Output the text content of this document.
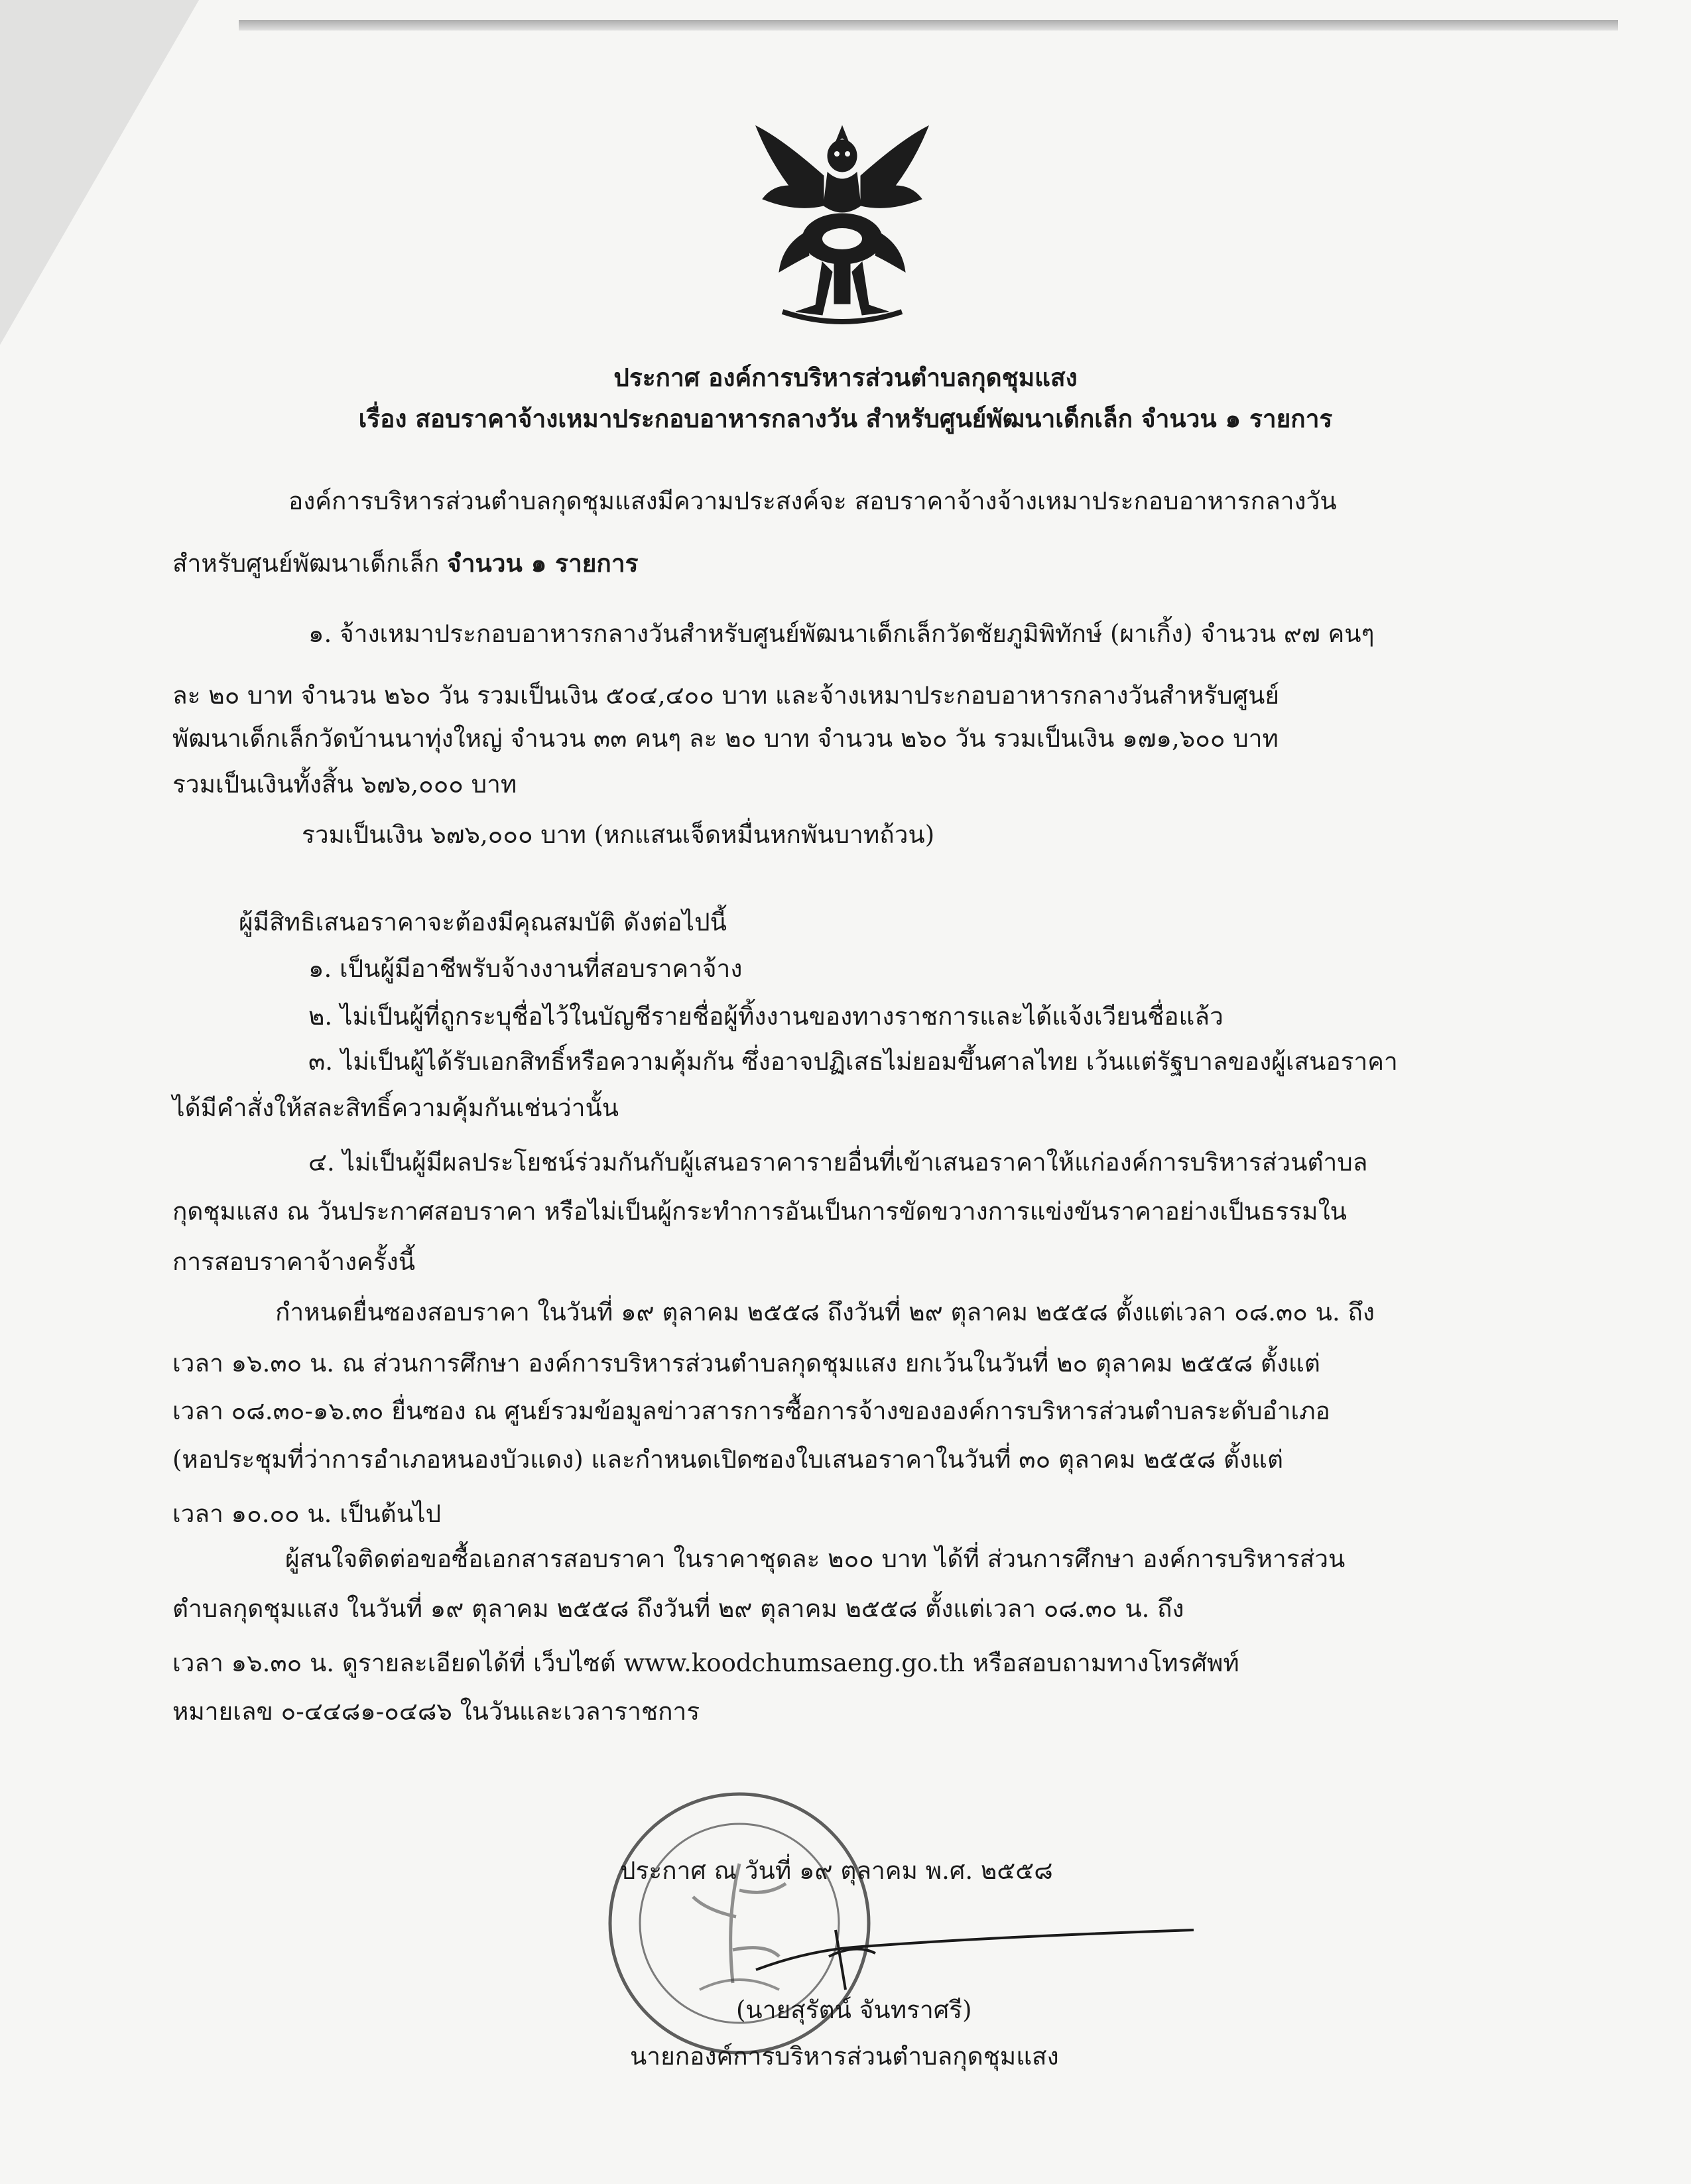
ประกาศ องค์การบริหารส่วนตำบลกุดชุมแสง
เรื่อง สอบราคาจ้างเหมาประกอบอาหารกลางวัน สำหรับศูนย์พัฒนาเด็กเล็ก จำนวน ๑ รายการ
องค์การบริหารส่วนตำบลกุดชุมแสงมีความประสงค์จะ สอบราคาจ้างจ้างเหมาประกอบอาหารกลางวัน
สำหรับศูนย์พัฒนาเด็กเล็ก จำนวน ๑ รายการ
๑. จ้างเหมาประกอบอาหารกลางวันสำหรับศูนย์พัฒนาเด็กเล็กวัดชัยภูมิพิทักษ์ (ผาเกิ้ง) จำนวน ๙๗ คนๆ
ละ ๒๐ บาท จำนวน ๒๖๐ วัน รวมเป็นเงิน ๕๐๔,๔๐๐ บาท และจ้างเหมาประกอบอาหารกลางวันสำหรับศูนย์
พัฒนาเด็กเล็กวัดบ้านนาทุ่งใหญ่ จำนวน ๓๓ คนๆ ละ ๒๐ บาท จำนวน ๒๖๐ วัน รวมเป็นเงิน ๑๗๑,๖๐๐ บาท
รวมเป็นเงินทั้งสิ้น ๖๗๖,๐๐๐ บาท
รวมเป็นเงิน ๖๗๖,๐๐๐ บาท (หกแสนเจ็ดหมื่นหกพันบาทถ้วน)
ผู้มีสิทธิเสนอราคาจะต้องมีคุณสมบัติ ดังต่อไปนี้
๑. เป็นผู้มีอาชีพรับจ้างงานที่สอบราคาจ้าง
๒. ไม่เป็นผู้ที่ถูกระบุชื่อไว้ในบัญชีรายชื่อผู้ทิ้งงานของทางราชการและได้แจ้งเวียนชื่อแล้ว
๓. ไม่เป็นผู้ได้รับเอกสิทธิ์หรือความคุ้มกัน ซึ่งอาจปฏิเสธไม่ยอมขึ้นศาลไทย เว้นแต่รัฐบาลของผู้เสนอราคา
ได้มีคำสั่งให้สละสิทธิ์ความคุ้มกันเช่นว่านั้น
๔. ไม่เป็นผู้มีผลประโยชน์ร่วมกันกับผู้เสนอราคารายอื่นที่เข้าเสนอราคาให้แก่องค์การบริหารส่วนตำบล
กุดชุมแสง ณ วันประกาศสอบราคา หรือไม่เป็นผู้กระทำการอันเป็นการขัดขวางการแข่งขันราคาอย่างเป็นธรรมใน
การสอบราคาจ้างครั้งนี้
กำหนดยื่นซองสอบราคา ในวันที่ ๑๙ ตุลาคม ๒๕๕๘ ถึงวันที่ ๒๙ ตุลาคม ๒๕๕๘ ตั้งแต่เวลา ๐๘.๓๐ น. ถึง
เวลา ๑๖.๓๐ น. ณ ส่วนการศึกษา องค์การบริหารส่วนตำบลกุดชุมแสง ยกเว้นในวันที่ ๒๐ ตุลาคม ๒๕๕๘ ตั้งแต่
เวลา ๐๘.๓๐-๑๖.๓๐ ยื่นซอง ณ ศูนย์รวมข้อมูลข่าวสารการซื้อการจ้างขององค์การบริหารส่วนตำบลระดับอำเภอ
(หอประชุมที่ว่าการอำเภอหนองบัวแดง) และกำหนดเปิดซองใบเสนอราคาในวันที่ ๓๐ ตุลาคม ๒๕๕๘ ตั้งแต่
เวลา ๑๐.๐๐ น. เป็นต้นไป
ผู้สนใจติดต่อขอซื้อเอกสารสอบราคา ในราคาชุดละ ๒๐๐ บาท ได้ที่ ส่วนการศึกษา องค์การบริหารส่วน
ตำบลกุดชุมแสง ในวันที่ ๑๙ ตุลาคม ๒๕๕๘ ถึงวันที่ ๒๙ ตุลาคม ๒๕๕๘ ตั้งแต่เวลา ๐๘.๓๐ น. ถึง
เวลา ๑๖.๓๐ น. ดูรายละเอียดได้ที่ เว็บไซต์ www.koodchumsaeng.go.th หรือสอบถามทางโทรศัพท์
หมายเลข ๐-๔๔๘๑-๐๔๘๖ ในวันและเวลาราชการ
ประกาศ ณ วันที่ ๑๙ ตุลาคม พ.ศ. ๒๕๕๘
(นายสุรัตน์ จันทราศรี)
นายกองค์การบริหารส่วนตำบลกุดชุมแสง
